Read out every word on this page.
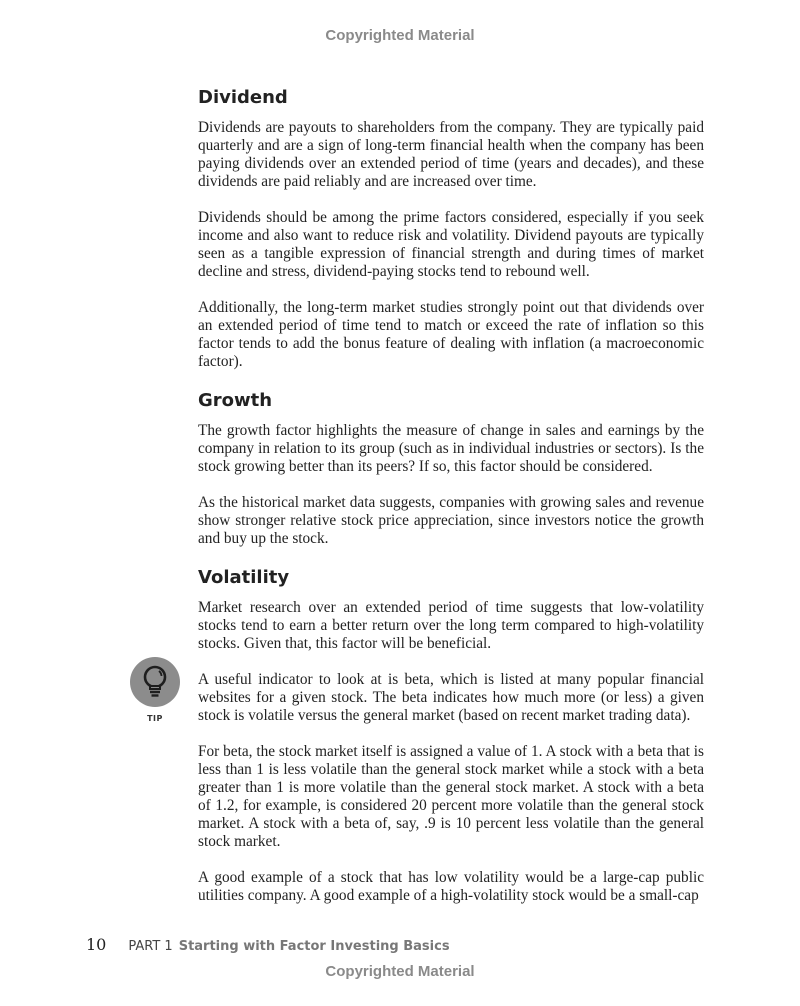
Copyrighted Material
Dividend

Dividends are payouts to shareholders from the company. They are typically paid quarterly and are a sign of long-term financial health when the company has been paying dividends over an extended period of time (years and decades), and these dividends are paid reliably and are increased over time.

Dividends should be among the prime factors considered, especially if you seek income and also want to reduce risk and volatility. Dividend payouts are typically seen as a tangible expression of financial strength and during times of market decline and stress, dividend-paying stocks tend to rebound well.

Additionally, the long-term market studies strongly point out that dividends over an extended period of time tend to match or exceed the rate of inflation so this factor tends to add the bonus feature of dealing with inflation (a macroeconomic factor).

Growth

The growth factor highlights the measure of change in sales and earnings by the company in relation to its group (such as in individual industries or sectors). Is the stock growing better than its peers? If so, this factor should be considered.

As the historical market data suggests, companies with growing sales and revenue show stronger relative stock price appreciation, since investors notice the growth and buy up the stock.

Volatility

Market research over an extended period of time suggests that low-volatility stocks tend to earn a better return over the long term compared to high-volatility stocks. Given that, this factor will be beneficial.

TIP

A useful indicator to look at is beta, which is listed at many popular financial websites for a given stock. The beta indicates how much more (or less) a given stock is volatile versus the general market (based on recent market trading data).

For beta, the stock market itself is assigned a value of 1. A stock with a beta that is less than 1 is less volatile than the general stock market while a stock with a beta greater than 1 is more volatile than the general stock market. A stock with a beta of 1.2, for example, is considered 20 percent more volatile than the general stock market. A stock with a beta of, say, .9 is 10 percent less volatile than the general stock market.

A good example of a stock that has low volatility would be a large-cap public utilities company. A good example of a high-volatility stock would be a small-cap

10 PART 1 Starting with Factor Investing Basics
Copyrighted Material
